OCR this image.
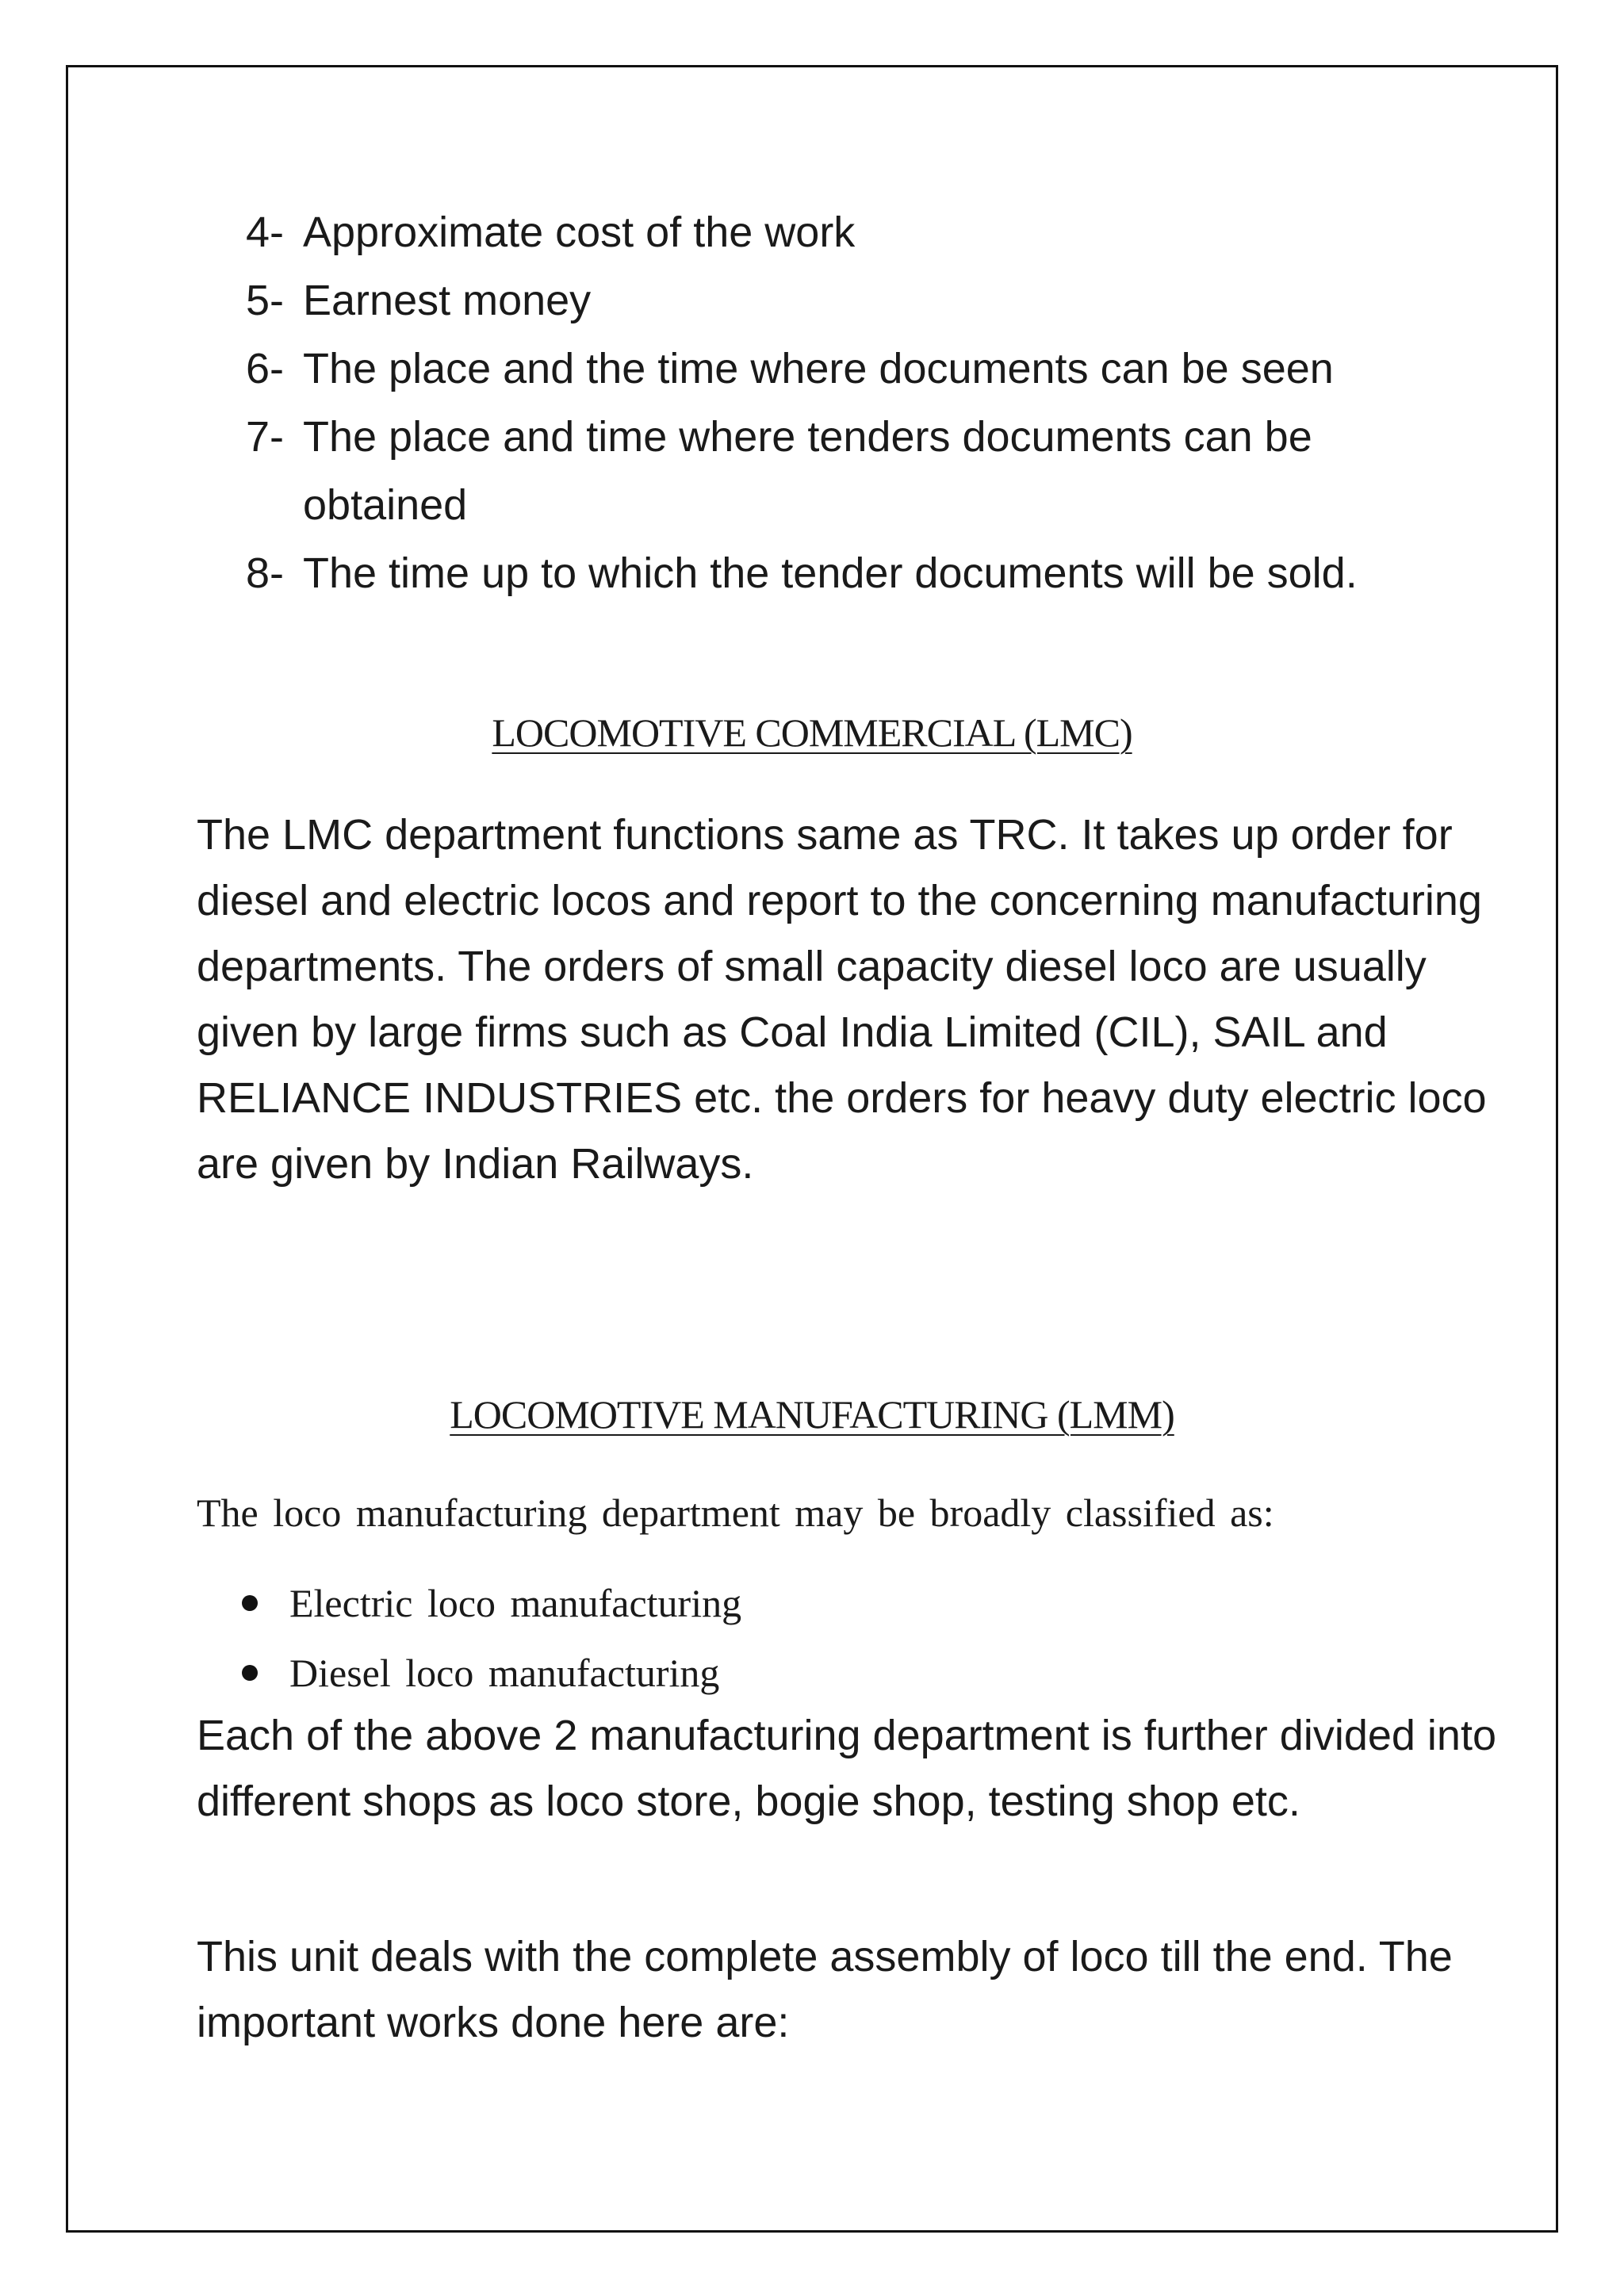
4- Approximate cost of the work
5- Earnest money
6- The place and the time where documents can be seen
7- The place and time where tenders documents can be obtained
8- The time up to which the tender documents will be sold.
LOCOMOTIVE COMMERCIAL (LMC)

The LMC department functions same as TRC. It takes up order for diesel and electric locos and report to the concerning manufacturing departments. The orders of small capacity diesel loco are usually given by large firms such as Coal India Limited (CIL), SAIL and RELIANCE INDUSTRIES etc. the orders for heavy duty electric loco are given by Indian Railways.

LOCOMOTIVE MANUFACTURING (LMM)

The loco manufacturing department may be broadly classified as:

Electric loco manufacturing
Diesel loco manufacturing

Each of the above 2 manufacturing department is further divided into different shops as loco store, bogie shop, testing shop etc.

This unit deals with the complete assembly of loco till the end. The important works done here are:
